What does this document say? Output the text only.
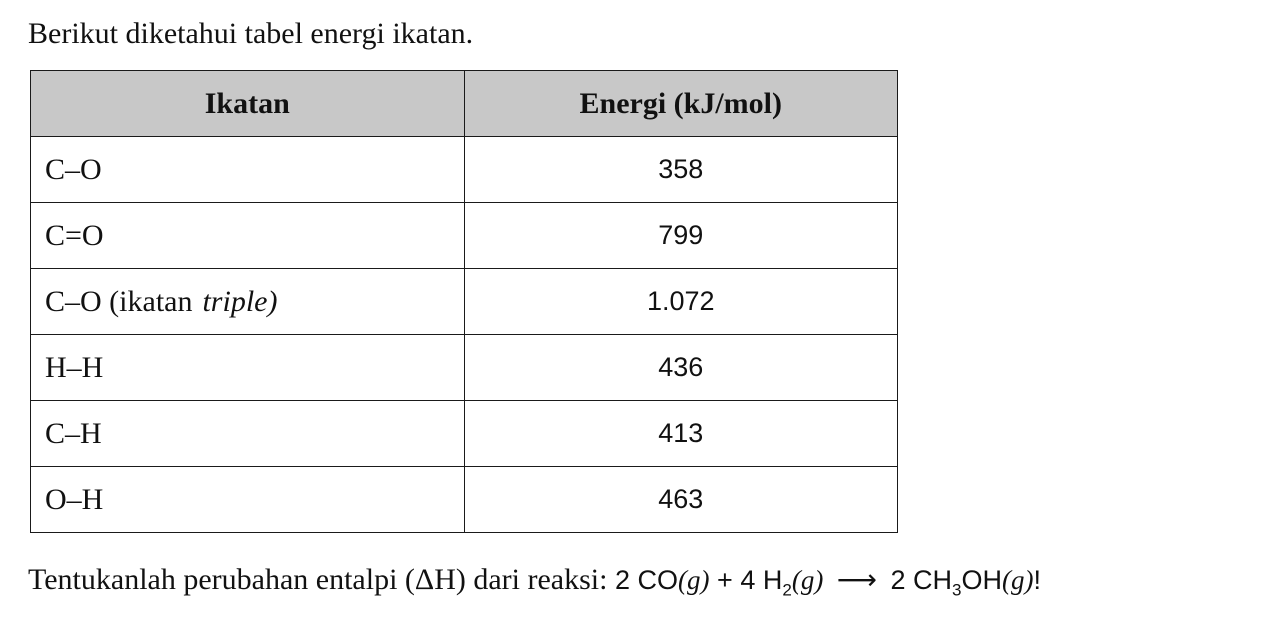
Berikut diketahui tabel energi ikatan.
Ikatan	Energi (kJ/mol)
C–O	358
C=O	799
C–O (ikatan triple)	1.072
H–H	436
C–H	413
O–H	463
Tentukanlah perubahan entalpi (ΔH) dari reaksi: 2 CO(g) + 4 $H_2(g)$ ⟶ 2 $CH_3OH(g)$!
